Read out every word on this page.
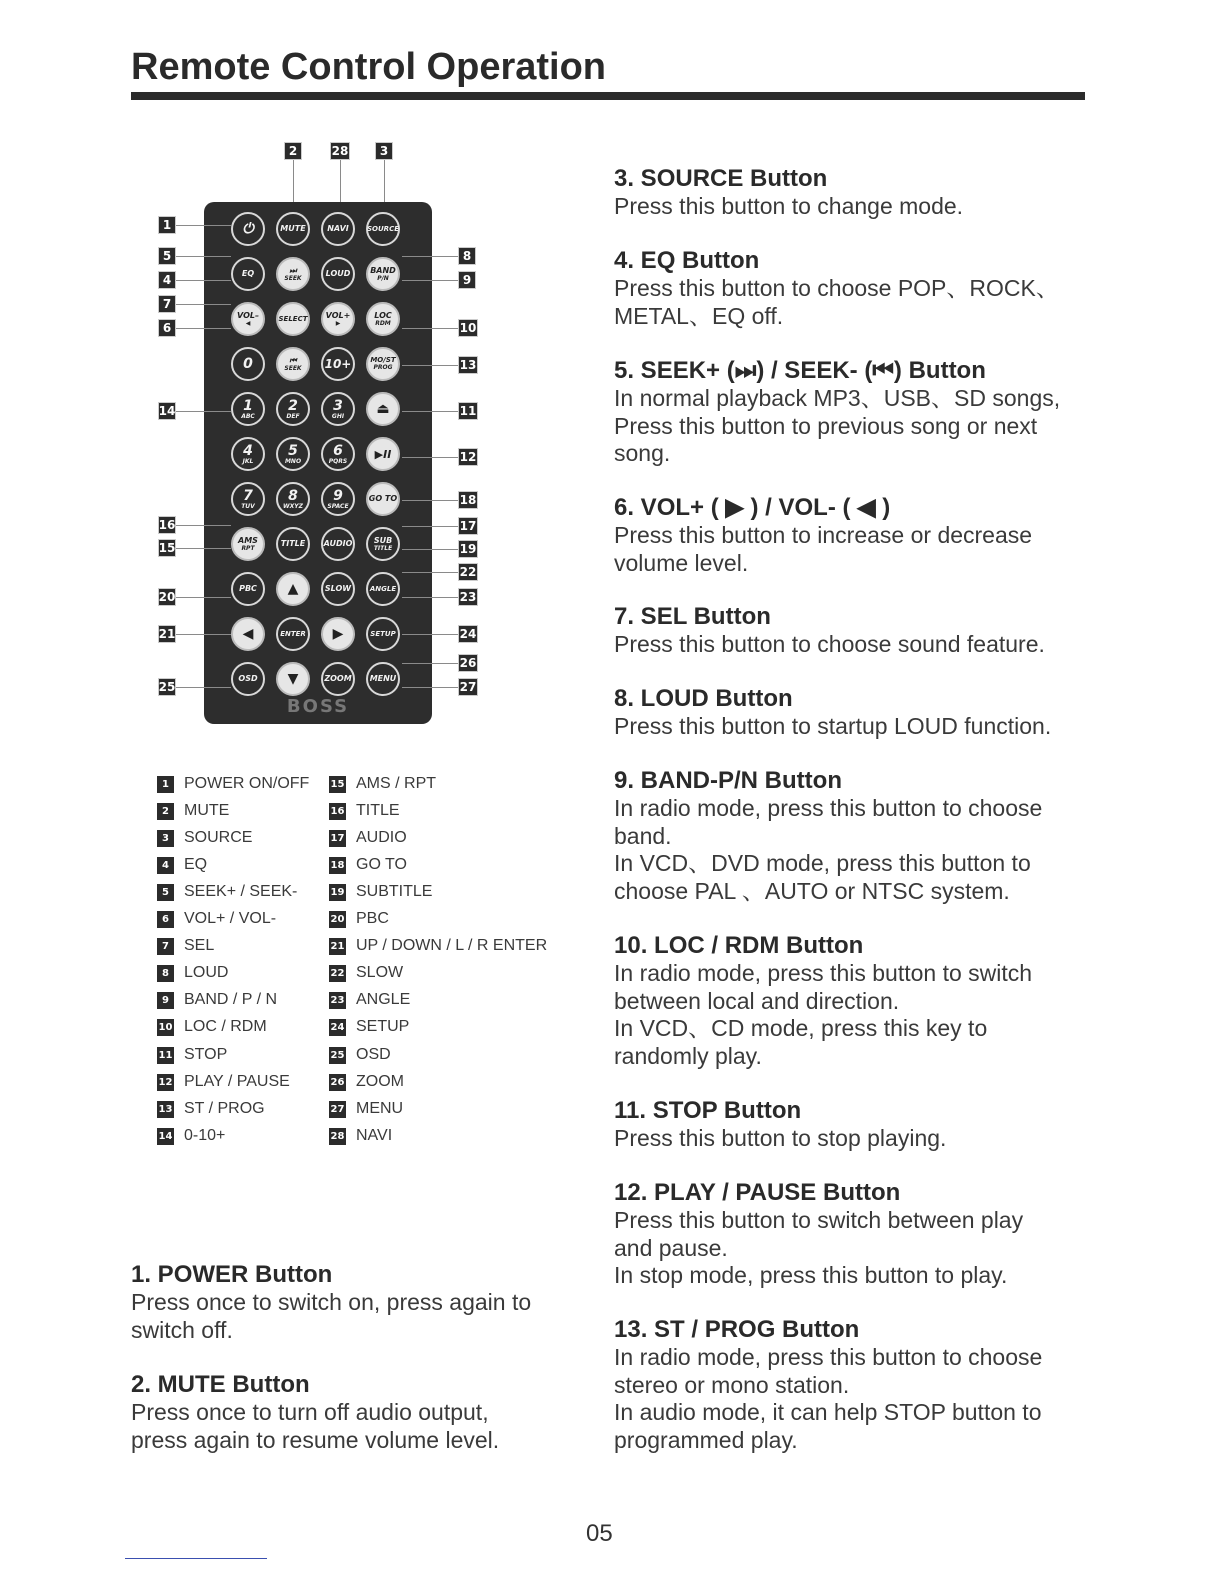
Remote Control Operation
2	28	3
⏻	MUTE	NAVI	SOURCE
EQ	⏭
SEEK	LOUD BAND
P/N
VOL–
◀
SELECT VOL+
▶
LOC
RDM
0	⏮
SEEK 10+	MO/ST
PROG
1
ABC
2
DEF
3
GHI ⏏
4
JKL
5
MNO
6
PQRS
▶II
7
TUV
8
WXYZ
9
SPACE
GO TO
AMS
RPT	TITLE AUDIO	SUB
TITLE
PBC ▲	SLOW	ANGLE
◀	ENTER ▶	SETUP
OSD ▼	ZOOM MENU
BOSS
1
5
4
7
6
14
16
15
20
21
25
8
9
10
13
11
12
18
17
19
22
23
24
26
27
1 POWER ON/OFF
2 MUTE
3 SOURCE
4 EQ
5 SEEK+ / SEEK-
6 VOL+ / VOL-
7 SEL
8 LOUD
9 BAND / P / N
10 LOC / RDM
11 STOP
12 PLAY / PAUSE
13 ST / PROG
14 0-10+
15 AMS / RPT
16 TITLE
17 AUDIO
18 GO TO
19 SUBTITLE
20 PBC
21 UP / DOWN / L / R ENTER
22 SLOW
23 ANGLE
24 SETUP
25 OSD
26 ZOOM
27 MENU
28 NAVI
1. POWER Button

Press once to switch on, press again to

switch off.

2. MUTE Button

Press once to turn off audio output,

press again to resume volume level.

3. SOURCE Button

Press this button to change mode.

4. EQ Button

Press this button to choose POP、ROCK、

METAL、EQ off.

5. SEEK+ (⏭) / SEEK- (⏮) Button

In normal playback MP3、USB、SD songs,

Press this button to previous song or next

song.

6. VOL+ ( ▶ ) / VOL- ( ◀ )

Press this button to increase or decrease

volume level.

7. SEL Button

Press this button to choose sound feature.

8. LOUD Button

Press this button to startup LOUD function.

9. BAND-P/N Button

In radio mode, press this button to choose

band.

In VCD、DVD mode, press this button to

choose PAL 、AUTO or NTSC system.

10. LOC / RDM Button

In radio mode, press this button to switch

between local and direction.

In VCD、CD mode, press this key to

randomly play.

11. STOP Button

Press this button to stop playing.

12. PLAY / PAUSE Button

Press this button to switch between play

and pause.

In stop mode, press this button to play.

13. ST / PROG Button

In radio mode, press this button to choose

stereo or mono station.

In audio mode, it can help STOP button to

programmed play.

05
